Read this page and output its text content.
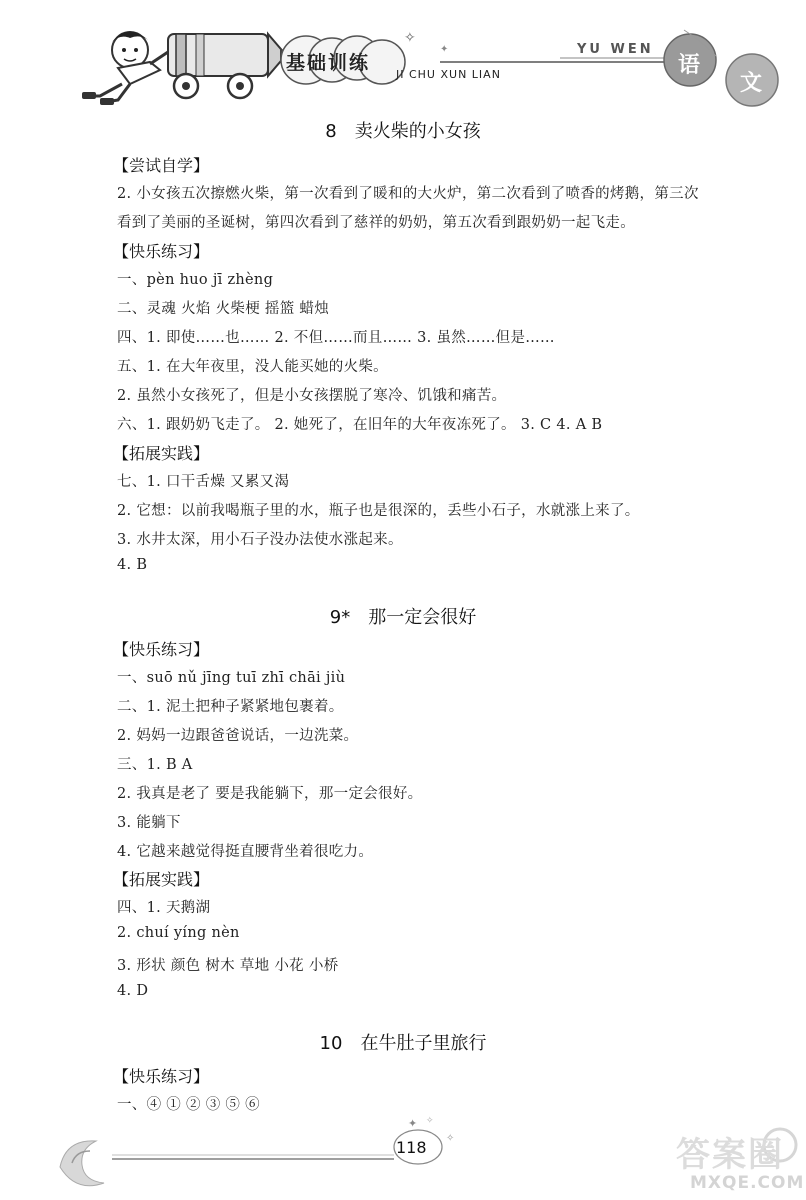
✧
✦
基础训练
JI CHU XUN LIAN
YU WEN
语
文
8 卖火柴的小女孩
【尝试自学】
2. 小女孩五次擦燃火柴，第一次看到了暖和的大火炉，第二次看到了喷香的烤鹅，第三次
看到了美丽的圣诞树，第四次看到了慈祥的奶奶，第五次看到跟奶奶一起飞走。
【快乐练习】
一、pèn huo jī zhèng
二、灵魂 火焰 火柴梗 摇篮 蜡烛
四、1. 即使……也…… 2. 不但……而且…… 3. 虽然……但是……
五、1. 在大年夜里，没人能买她的火柴。
2. 虽然小女孩死了，但是小女孩摆脱了寒冷、饥饿和痛苦。
六、1. 跟奶奶飞走了。 2. 她死了，在旧年的大年夜冻死了。 3. C 4. A B
【拓展实践】
七、1. 口干舌燥 又累又渴
2. 它想：以前我喝瓶子里的水，瓶子也是很深的，丢些小石子，水就涨上来了。
3. 水井太深，用小石子没办法使水涨起来。
4. B
9* 那一定会很好
【快乐练习】
一、suō nǔ jīng tuī zhī chāi jiù
二、1. 泥土把种子紧紧地包裹着。
2. 妈妈一边跟爸爸说话，一边洗菜。
三、1. B A
2. 我真是老了 要是我能躺下，那一定会很好。
3. 能躺下
4. 它越来越觉得挺直腰背坐着很吃力。
【拓展实践】
四、1. 天鹅湖
2. chuí yíng nèn
3. 形状 颜色 树木 草地 小花 小桥
4. D
10 在牛肚子里旅行
【快乐练习】
一、④ ① ② ③ ⑤ ⑥
✦
✧
✧
118	答案圈
MXQE.COM
